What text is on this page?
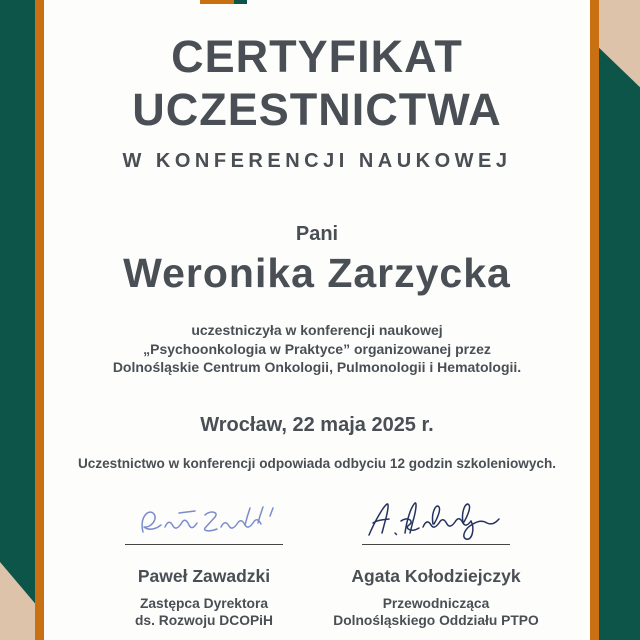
CERTYFIKAT
UCZESTNICTWA
W KONFERENCJI NAUKOWEJ
Pani
Weronika Zarzycka
uczestniczyła w konferencji naukowej
„Psychoonkologia w Praktyce” organizowanej przez
Dolnośląskie Centrum Onkologii, Pulmonologii i Hematologii.
Wrocław, 22 maja 2025 r.
Uczestnictwo w konferencji odpowiada odbyciu 12 godzin szkoleniowych.
Paweł Zawadzki
Zastępca Dyrektora
ds. Rozwoju DCOPiH
Agata Kołodziejczyk
Przewodnicząca
Dolnośląskiego Oddziału PTPO
